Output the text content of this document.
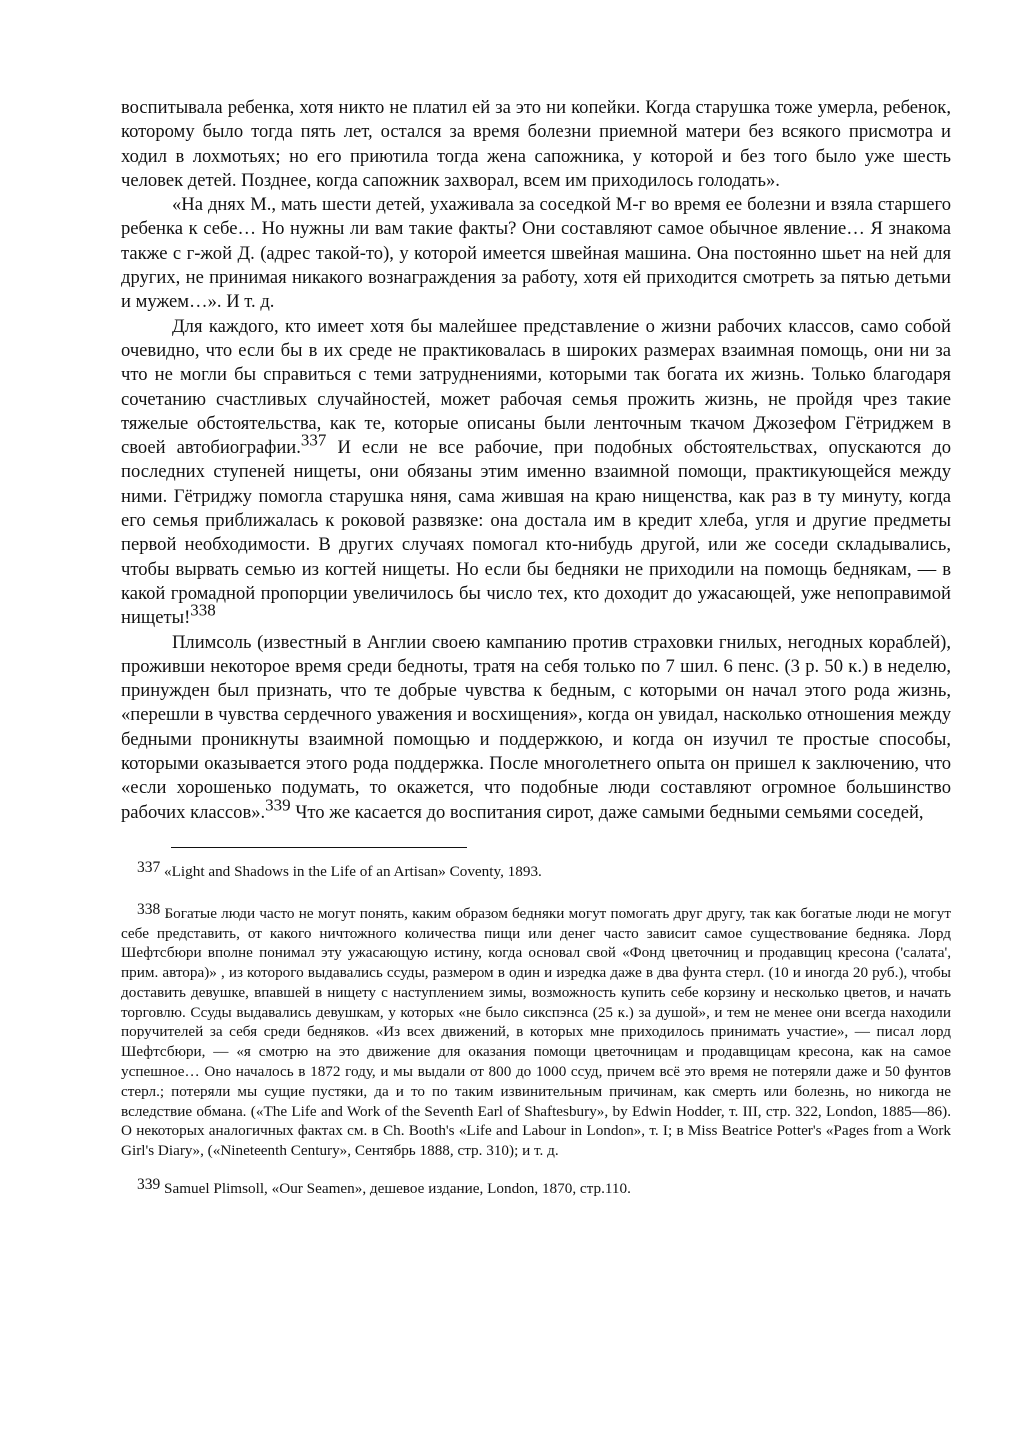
воспитывала ребенка, хотя никто не платил ей за это ни копейки. Когда старушка тоже умерла, ребенок, которому было тогда пять лет, остался за время болезни приемной матери без всякого присмотра и ходил в лохмотьях; но его приютила тогда жена сапожника, у которой и без того было уже шесть человек детей. Позднее, когда сапожник захворал, всем им приходилось голодать».

«На днях М., мать шести детей, ухаживала за соседкой М-г во время ее болезни и взяла старшего ребенка к себе… Но нужны ли вам такие факты? Они составляют самое обычное явление… Я знакома также с г-жой Д. (адрес такой-то), у которой имеется швейная машина. Она постоянно шьет на ней для других, не принимая никакого вознаграждения за работу, хотя ей приходится смотреть за пятью детьми и мужем…». И т. д.

Для каждого, кто имеет хотя бы малейшее представление о жизни рабочих классов, само собой очевидно, что если бы в их среде не практиковалась в широких размерах взаимная помощь, они ни за что не могли бы справиться с теми затруднениями, которыми так богата их жизнь. Только благодаря сочетанию счастливых случайностей, может рабочая семья прожить жизнь, не пройдя чрез такие тяжелые обстоятельства, как те, которые описаны были ленточным ткачом Джозефом Гётриджем в своей автобиографии.$^{337}$ И если не все рабочие, при подобных обстоятельствах, опускаются до последних ступеней нищеты, они обязаны этим именно взаимной помощи, практикующейся между ними. Гётриджу помогла старушка няня, сама жившая на краю нищенства, как раз в ту минуту, когда его семья приближалась к роковой развязке: она достала им в кредит хлеба, угля и другие предметы первой необходимости. В других случаях помогал кто-нибудь другой, или же соседи складывались, чтобы вырвать семью из когтей нищеты. Но если бы бедняки не приходили на помощь беднякам, — в какой громадной пропорции увеличилось бы число тех, кто доходит до ужасающей, уже непоправимой нищеты!$^{338}$

Плимсоль (известный в Англии своею кампанию против страховки гнилых, негодных кораблей), проживши некоторое время среди бедноты, тратя на себя только по 7 шил. 6 пенс. (3 р. 50 к.) в неделю, принужден был признать, что те добрые чувства к бедным, с которыми он начал этого рода жизнь, «перешли в чувства сердечного уважения и восхищения», когда он увидал, насколько отношения между бедными проникнуты взаимной помощью и поддержкою, и когда он изучил те простые способы, которыми оказывается этого рода поддержка. После многолетнего опыта он пришел к заключению, что «если хорошенько подумать, то окажется, что подобные люди составляют огромное большинство рабочих классов».$^{339}$ Что же касается до воспитания сирот, даже самыми бедными семьями соседей,

337 «Light and Shadows in the Life of an Artisan» Coventy, 1893.

338 Богатые люди часто не могут понять, каким образом бедняки могут помогать друг другу, так как богатые люди не могут себе представить, от какого ничтожного количества пищи или денег часто зависит самое существование бедняка. Лорд Шефтсбюри вполне понимал эту ужасающую истину, когда основал свой «Фонд цветочниц и продавщиц кресона ('салата', прим. автора)» , из которого выдавались ссуды, размером в один и изредка даже в два фунта стерл. (10 и иногда 20 руб.), чтобы доставить девушке, впавшей в нищету с наступлением зимы, возможность купить себе корзину и несколько цветов, и начать торговлю. Ссуды выдавались девушкам, у которых «не было сикспэнса (25 к.) за душой», и тем не менее они всегда находили поручителей за себя среди бедняков. «Из всех движений, в которых мне приходилось принимать участие», — писал лорд Шефтсбюри, — «я смотрю на это движение для оказания помощи цветочницам и продавщицам кресона, как на самое успешное… Оно началось в 1872 году, и мы выдали от 800 до 1000 ссуд, причем всё это время не потеряли даже и 50 фунтов стерл.; потеряли мы сущие пустяки, да и то по таким извинительным причинам, как смерть или болезнь, но никогда не вследствие обмана. («The Life and Work of the Seventh Earl of Shaftesbury», by Edwin Hodder, т. III, стр. 322, London, 1885—86). О некоторых аналогичных фактах см. в Ch. Booth's «Life and Labour in London», т. I; в Miss Beatrice Potter's «Pages from a Work Girl's Diary», («Nineteenth Century», Сентябрь 1888, стр. 310); и т. д.

339 Samuel Plimsoll, «Our Seamen», дешевое издание, London, 1870, стр.110.
